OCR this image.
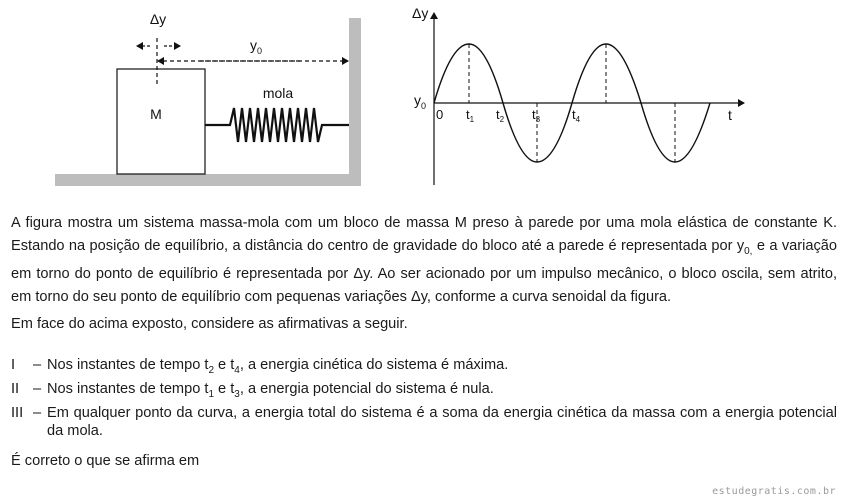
M
mola
Δy
$y_0$
Δy
t
0
$y_0$
$t_1$ $t_2$ $t_3$ $t_4$

A figura mostra um sistema massa-mola com um bloco de massa M preso à parede por uma mola elástica de constante K. Estando na posição de equilíbrio, a distância do centro de gravidade do bloco até a parede é representada por $y_{0,}$ e a variação em torno do ponto de equilíbrio é representada por Δy. Ao ser acionado por um impulso mecânico, o bloco oscila, sem atrito, em torno do seu ponto de equilíbrio com pequenas variações Δy, conforme a curva senoidal da figura.

Em face do acima exposto, considere as afirmativas a seguir.

I	– Nos instantes de tempo $t_2$ e $t_4$, a energia cinética do sistema é máxima.
II – Nos instantes de tempo $t_1$ e $t_3$, a energia potencial do sistema é nula.
III – Em qualquer ponto da curva, a energia total do sistema é a soma da energia cinética da massa com a energia potencial da mola.

É correto o que se afirma em

estudegratis.com.br
